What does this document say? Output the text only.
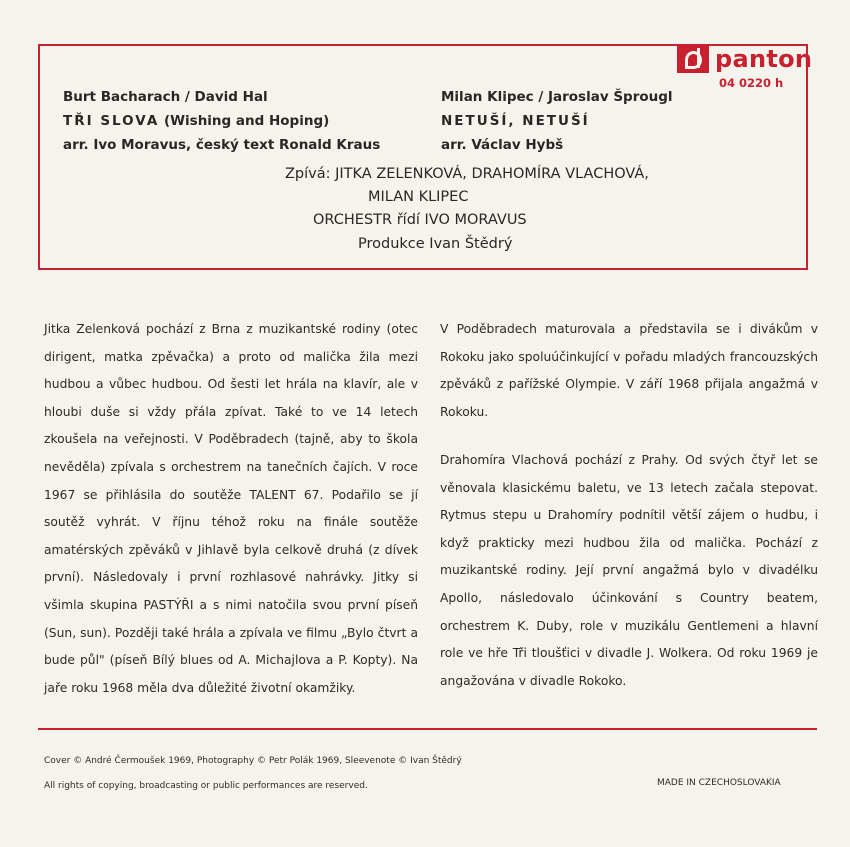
panton
04 0220 h
Burt Bacharach / David Hal
TŘI SLOVA (Wishing and Hoping)
arr. Ivo Moravus, český text Ronald Kraus
Milan Klipec / Jaroslav Šprougl
NETUŠÍ, NETUŠÍ
arr. Václav Hybš
Zpívá: JITKA ZELENKOVÁ, DRAHOMÍRA VLACHOVÁ,
MILAN KLIPEC
ORCHESTR řídí IVO MORAVUS
Produkce Ivan Štědrý
Jitka Zelenková pochází z Brna z muzikantské rodiny (otec dirigent, matka zpěvačka) a proto od malička žila mezi hudbou a vůbec hudbou. Od šesti let hrála na klavír, ale v hloubi duše si vždy přála zpívat. Také to ve 14 letech zkoušela na veřejnosti. V Poděbradech (tajně, aby to škola nevěděla) zpívala s orchestrem na tanečních čajích. V roce 1967 se přihlásila do soutěže TALENT 67. Podařilo se jí soutěž vyhrát. V říjnu téhož roku na finále soutěže amatérských zpěváků v Jihlavě byla celkově druhá (z dívek první). Následovaly i první rozhlasové nahrávky. Jitky si všimla skupina PASTÝŘI a s nimi natočila svou první píseň (Sun, sun). Později také hrála a zpívala ve filmu „Bylo čtvrt a bude půl" (píseň Bílý blues od A. Michajlova a P. Kopty). Na jaře roku 1968 měla dva důležité životní okamžiky.
V Poděbradech maturovala a představila se i divákům v Rokoku jako spoluúčinkující v pořadu mladých francouzských zpěváků z pařížské Olympie. V září 1968 přijala angažmá v Rokoku.
Drahomíra Vlachová pochází z Prahy. Od svých čtyř let se věnovala klasickému baletu, ve 13 letech začala stepovat. Rytmus stepu u Drahomíry podnítil větší zájem o hudbu, i když prakticky mezi hudbou žila od malička. Pochází z muzikantské rodiny. Její první angažmá bylo v divadélku Apollo, následovalo účinkování s Country beatem, orchestrem K. Duby, role v muzikálu Gentlemeni a hlavní role ve hře Tři tloušťici v divadle J. Wolkera. Od roku 1969 je angažována v divadle Rokoko.
Cover © André Čermoušek 1969, Photography © Petr Polák 1969, Sleevenote © Ivan Štědrý
All rights of copying, broadcasting or public performances are reserved.	MADE IN CZECHOSLOVAKIA
